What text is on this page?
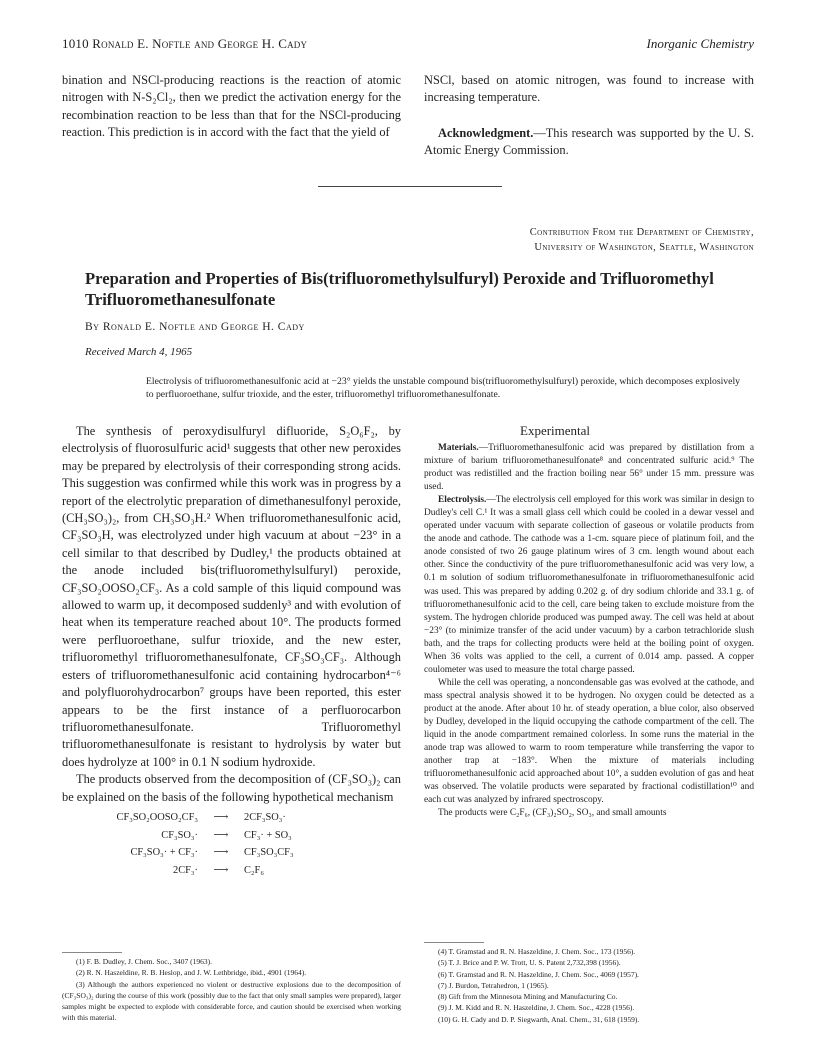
1010 Ronald E. Noftle and George H. Cady	Inorganic Chemistry

bination and NSCl-producing reactions is the reaction of atomic nitrogen with N-S₂Cl₂, then we predict the activation energy for the recombination reaction to be less than that for the NSCl-producing reaction. This prediction is in accord with the fact that the yield of

NSCl, based on atomic nitrogen, was found to increase with increasing temperature.

Acknowledgment.—This research was supported by the U. S. Atomic Energy Commission.

Contribution From the Department of Chemistry,
University of Washington, Seattle, Washington
Preparation and Properties of Bis(trifluoromethylsulfuryl) Peroxide and Trifluoromethyl Trifluoromethanesulfonate
By Ronald E. Noftle and George H. Cady
Received March 4, 1965

Electrolysis of trifluoromethanesulfonic acid at −23° yields the unstable compound bis(trifluoromethylsulfuryl) peroxide, which decomposes explosively to perfluoroethane, sulfur trioxide, and the ester, trifluoromethyl trifluoromethanesulfonate.

The synthesis of peroxydisulfuryl difluoride, S₂O₆F₂, by electrolysis of fluorosulfuric acid¹ suggests that other new peroxides may be prepared by electrolysis of their corresponding strong acids. This suggestion was confirmed while this work was in progress by a report of the electrolytic preparation of dimethanesulfonyl peroxide, (CH₃SO₃)₂, from CH₃SO₃H.² When trifluoromethanesulfonic acid, CF₃SO₃H, was electrolyzed under high vacuum at about −23° in a cell similar to that described by Dudley,¹ the products obtained at the anode included bis(trifluoromethylsulfuryl) peroxide, CF₃SO₂OOSO₂CF₃. As a cold sample of this liquid compound was allowed to warm up, it decomposed suddenly³ and with evolution of heat when its temperature reached about 10°. The products formed were perfluoroethane, sulfur trioxide, and the new ester, trifluoromethyl trifluoromethanesulfonate, CF₃SO₃CF₃. Although esters of trifluoromethanesulfonic acid containing hydrocarbon⁴⁻⁶ and polyfluorohydrocarbon⁷ groups have been reported, this ester appears to be the first instance of a perfluorocarbon trifluoromethanesulfonate. Trifluoromethyl trifluoromethanesulfonate is resistant to hydrolysis by water but does hydrolyze at 100° in 0.1 N sodium hydroxide.

The products observed from the decomposition of (CF₃SO₃)₂ can be explained on the basis of the following hypothetical mechanism

CF₃SO₂OOSO₂CF₃	⟶	2CF₃SO₃·
CF₃SO₃·	⟶	CF₃· + SO₃
CF₃SO₃· + CF₃·	⟶	CF₃SO₃CF₃
2CF₃·	⟶	C₂F₆

(1) F. B. Dudley, J. Chem. Soc., 3407 (1963).

(2) R. N. Haszeldine, R. B. Heslop, and J. W. Lethbridge, ibid., 4901 (1964).

(3) Although the authors experienced no violent or destructive explosions due to the decomposition of (CF₃SO₃)₂ during the course of this work (possibly due to the fact that only small samples were prepared), larger samples might be expected to explode with considerable force, and caution should be exercised when working with this material.

Experimental

Materials.—Trifluoromethanesulfonic acid was prepared by distillation from a mixture of barium trifluoromethanesulfonate⁸ and concentrated sulfuric acid.⁹ The product was redistilled and the fraction boiling near 56° under 15 mm. pressure was used.

Electrolysis.—The electrolysis cell employed for this work was similar in design to Dudley's cell C.¹ It was a small glass cell which could be cooled in a dewar vessel and operated under vacuum with separate collection of gaseous or volatile products from the anode and cathode. The cathode was a 1-cm. square piece of platinum foil, and the anode consisted of two 26 gauge platinum wires of 3 cm. length wound about each other. Since the conductivity of the pure trifluoromethanesulfonic acid was very low, a 0.1 m solution of sodium trifluoromethanesulfonate in trifluoromethanesulfonic acid was used. This was prepared by adding 0.202 g. of dry sodium chloride and 33.1 g. of trifluoromethanesulfonic acid to the cell, care being taken to exclude moisture from the system. The hydrogen chloride produced was pumped away. The cell was held at about −23° (to minimize transfer of the acid under vacuum) by a carbon tetrachloride slush bath, and the traps for collecting products were held at the boiling point of oxygen. When 36 volts was applied to the cell, a current of 0.014 amp. passed. A copper coulometer was used to measure the total charge passed.

While the cell was operating, a noncondensable gas was evolved at the cathode, and mass spectral analysis showed it to be hydrogen. No oxygen could be detected as a product at the anode. After about 10 hr. of steady operation, a blue color, also observed by Dudley, developed in the liquid occupying the cathode compartment of the cell. The liquid in the anode compartment remained colorless. In some runs the material in the anode trap was allowed to warm to room temperature while transferring the vapor to another trap at −183°. When the mixture of materials including trifluoromethanesulfonic acid approached about 10°, a sudden evolution of gas and heat was observed. The volatile products were separated by fractional codistillation¹⁰ and each cut was analyzed by infrared spectroscopy.

The products were C₂F₆, (CF₃)₂SO₂, SO₃, and small amounts

(4) T. Gramstad and R. N. Haszeldine, J. Chem. Soc., 173 (1956).

(5) T. J. Brice and P. W. Trott, U. S. Patent 2,732,398 (1956).

(6) T. Gramstad and R. N. Haszeldine, J. Chem. Soc., 4069 (1957).

(7) J. Burdon, Tetrahedron, 1 (1965).

(8) Gift from the Minnesota Mining and Manufacturing Co.

(9) J. M. Kidd and R. N. Haszeldine, J. Chem. Soc., 4228 (1956).

(10) G. H. Cady and D. P. Siegwarth, Anal. Chem., 31, 618 (1959).
